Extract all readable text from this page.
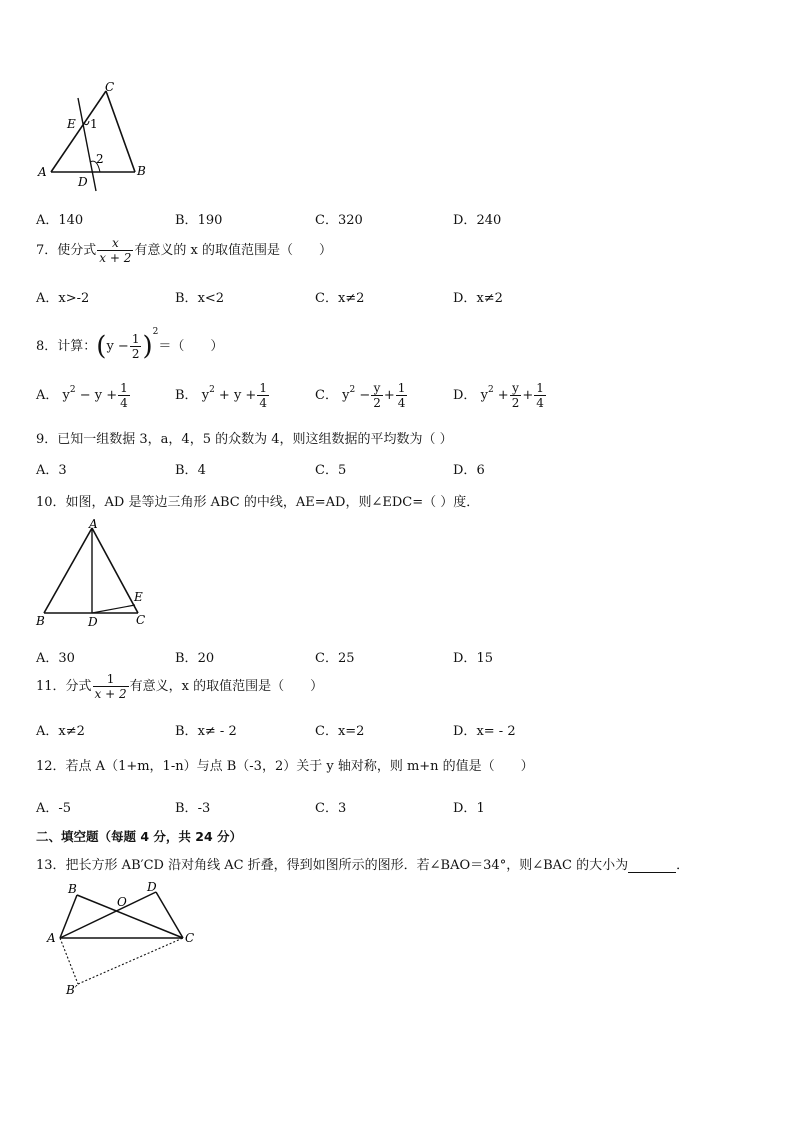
C
E 1
2
A
D
B
A．140	B．190	C．320	D．240
7．使分式 $\frac{x}{x + 2}$ 有意义的 x 的取值范围是（　　）
A．x>-2	B．x<2	C．x≠2	D．x≠2
8．计算：$(y - \frac{1}{2} )^2=$（　　）
A． $y^2 - y + \frac{1}{4}$	B． $y^2 + y + \frac{1}{4}$	C． $y^2 - \frac{y}{2} + \frac{1}{4}$	D． $y^2 + \frac{y}{2} + \frac{1}{4}$
9．已知一组数据 3，a，4，5 的众数为 4，则这组数据的平均数为（ ）
A．3	B．4	C．5	D．6
10．如图，AD 是等边三角形 ABC 的中线，AE=AD，则∠EDC=（ ）度．
A
B	D	C
E
A．30	B．20	C．25	D．15
11．分式 $\frac{1}{x + 2}$ 有意义，x 的取值范围是（　　）
A．x≠2	B．x≠ - 2	C．x=2	D．x= - 2
12．若点 A（1+m，1-n）与点 B（-3，2）关于 y 轴对称，则 m+n 的值是（　　）
A．-5	B．-3	C．3	D．1
二、填空题（每题 4 分，共 24 分）
13．把长方形 AB′CD 沿对角线 AC 折叠，得到如图所示的图形．若∠BAO＝34°，则∠BAC 的大小为	．
B	D
O
A	C
B′
